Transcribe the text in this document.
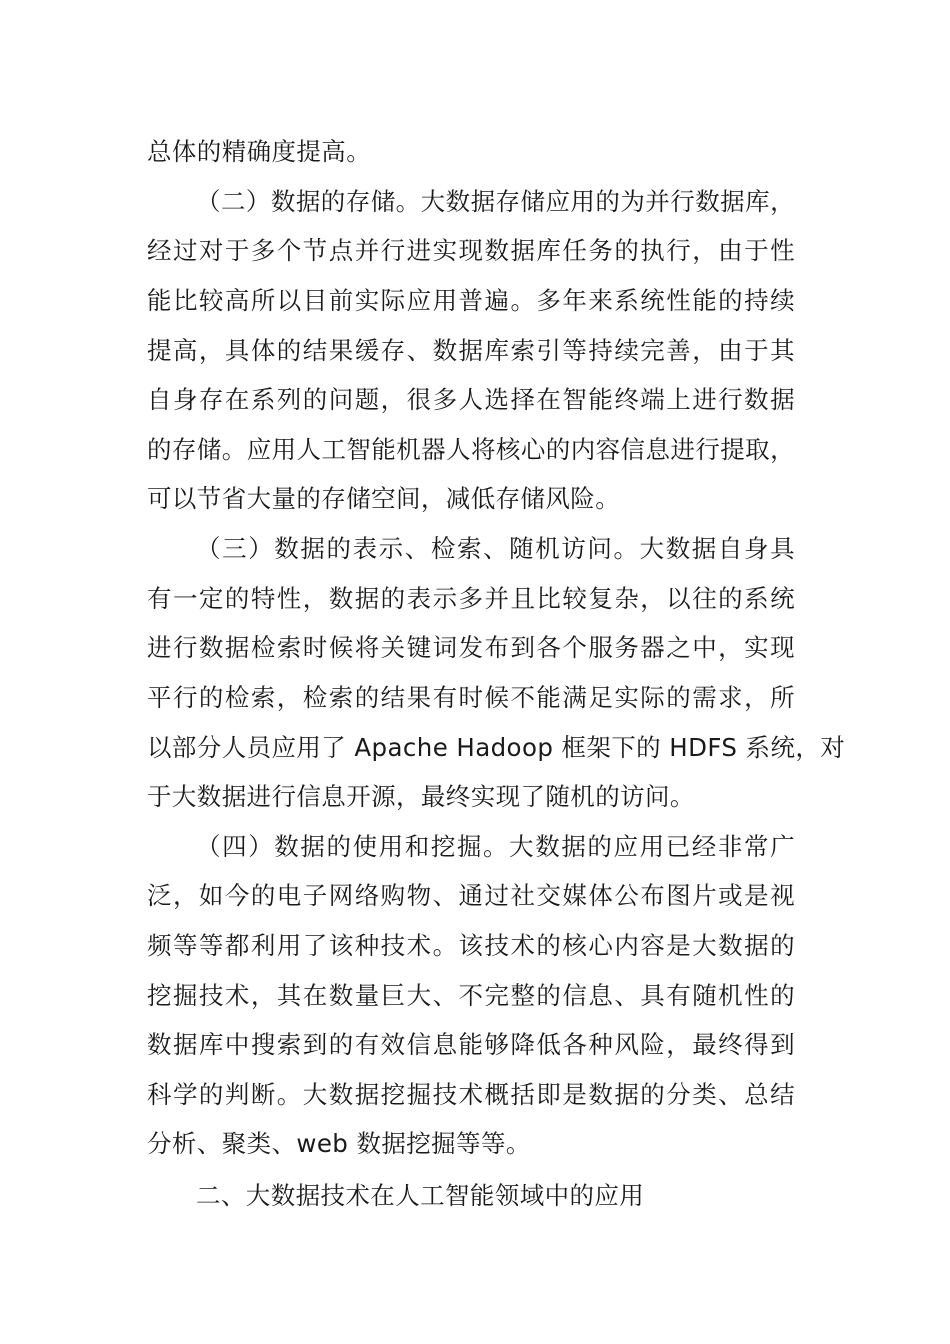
总体的精确度提高。
（二）数据的存储。大数据存储应用的为并行数据库，
经过对于多个节点并行进实现数据库任务的执行，由于性
能比较高所以目前实际应用普遍。多年来系统性能的持续
提高，具体的结果缓存、数据库索引等持续完善，由于其
自身存在系列的问题，很多人选择在智能终端上进行数据
的存储。应用人工智能机器人将核心的内容信息进行提取，
可以节省大量的存储空间，减低存储风险。
（三）数据的表示、检索、随机访问。大数据自身具
有一定的特性，数据的表示多并且比较复杂，以往的系统
进行数据检索时候将关键词发布到各个服务器之中，实现
平行的检索，检索的结果有时候不能满足实际的需求，所
以部分人员应用了 Apache Hadoop 框架下的 HDFS 系统，对
于大数据进行信息开源，最终实现了随机的访问。
（四）数据的使用和挖掘。大数据的应用已经非常广
泛，如今的电子网络购物、通过社交媒体公布图片或是视
频等等都利用了该种技术。该技术的核心内容是大数据的
挖掘技术，其在数量巨大、不完整的信息、具有随机性的
数据库中搜索到的有效信息能够降低各种风险，最终得到
科学的判断。大数据挖掘技术概括即是数据的分类、总结
分析、聚类、web 数据挖掘等等。
二、大数据技术在人工智能领域中的应用
